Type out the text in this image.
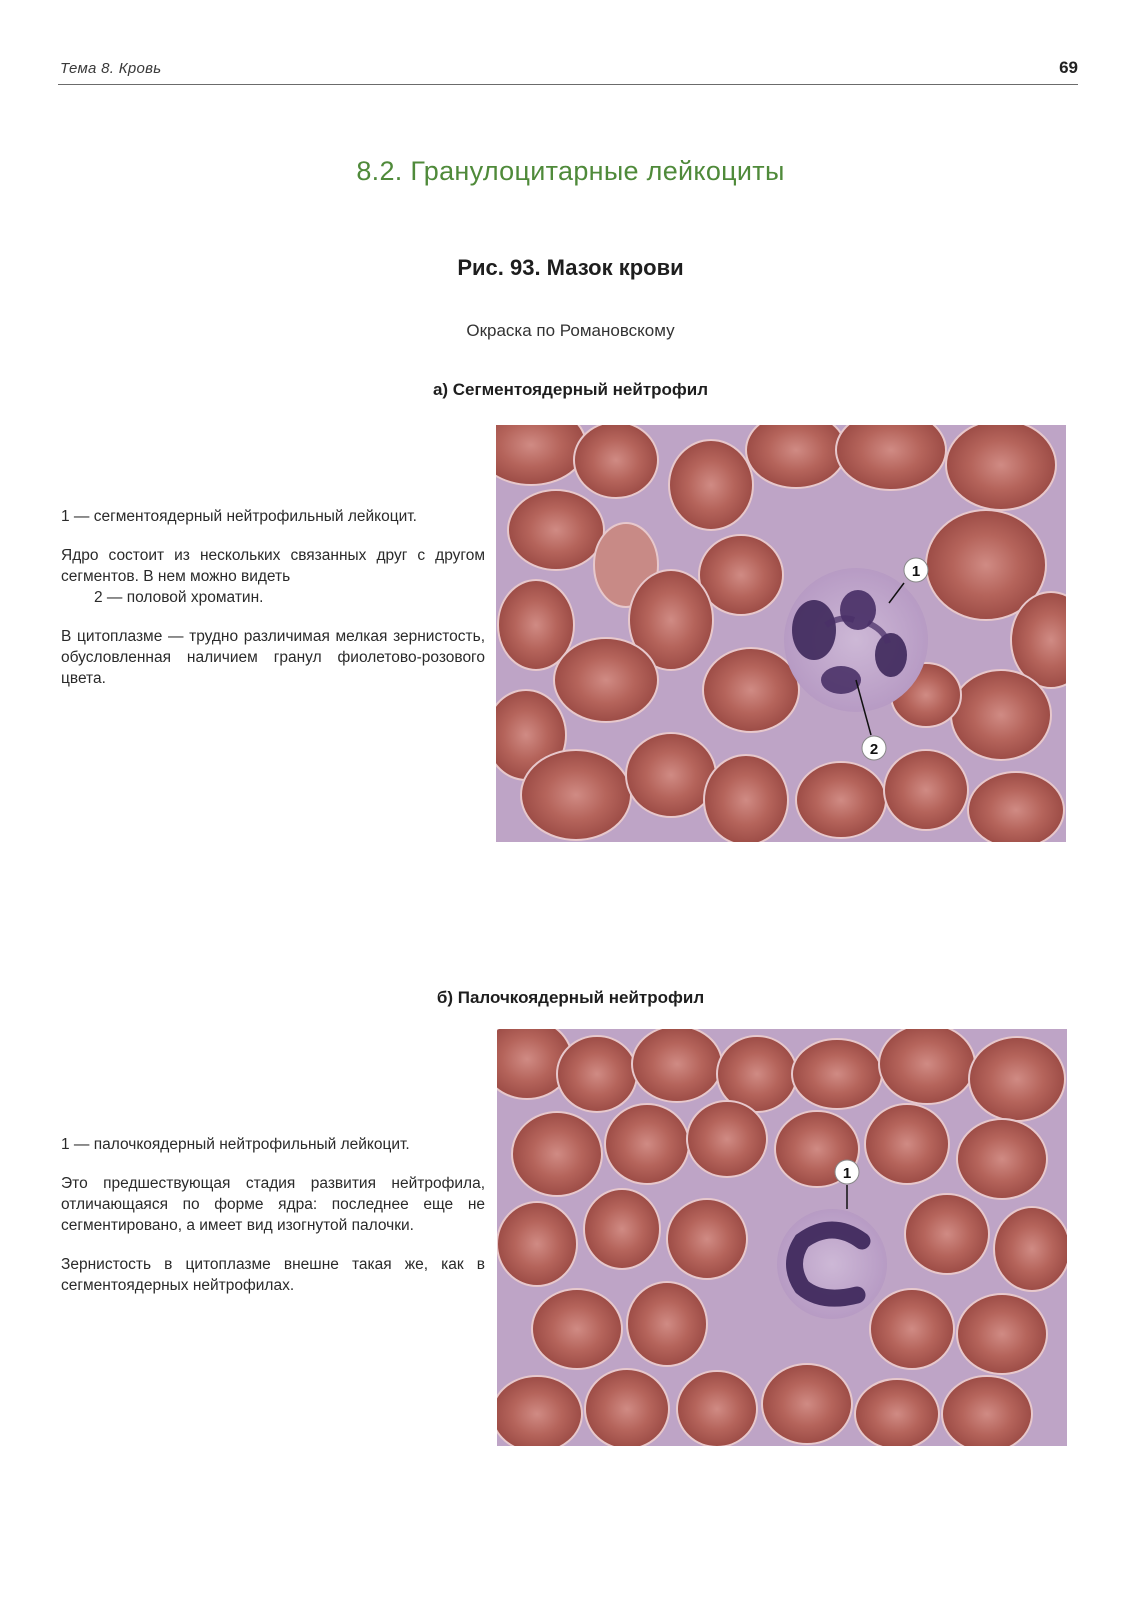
Тема 8. Кровь	69
8.2. Гранулоцитарные лейкоциты
Рис. 93. Мазок крови
Окраска по Романовскому
а) Сегментоядерный нейтрофил

1 — сегментоядерный нейтрофильный лейкоцит.

Ядро состоит из нескольких связанных друг с другом сегментов. В нем можно видеть

2 — половой хроматин.

В цитоплазме — трудно различимая мелкая зернистость, обусловленная наличием гранул фиолетово-розового цвета.

1
2
б) Палочкоядерный нейтрофил

1 — палочкоядерный нейтрофильный лейкоцит.

Это предшествующая стадия развития нейтрофила, отличающаяся по форме ядра: последнее еще не сегментировано, а имеет вид изогнутой палочки.

Зернистость в цитоплазме внешне такая же, как в сегментоядерных нейтрофилах.

1
